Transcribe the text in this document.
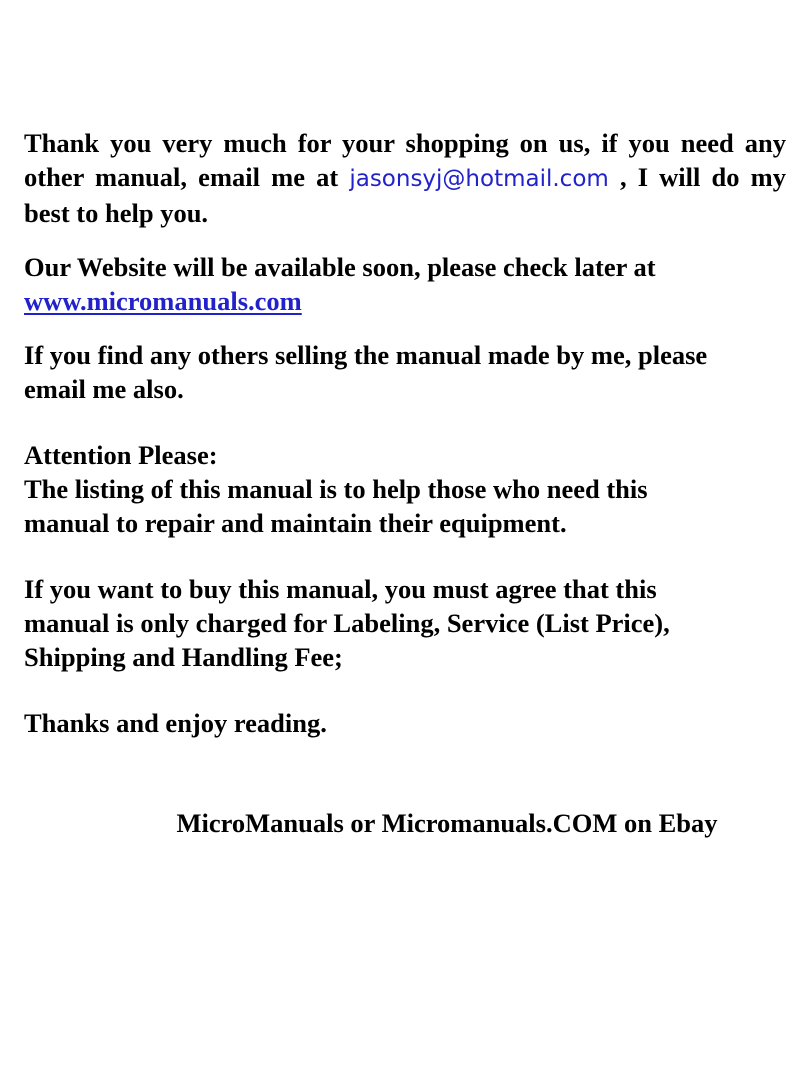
Thank you very much for your shopping on us, if you need any other manual, email me at jasonsyj@hotmail.com , I will do my best to help you.

Our Website will be available soon, please check later at
www.micromanuals.com

If you find any others selling the manual made by me, please email me also.

Attention Please:

The listing of this manual is to help those who need this manual to repair and maintain their equipment.

If you want to buy this manual, you must agree that this manual is only charged for Labeling, Service (List Price), Shipping and Handling Fee;

Thanks and enjoy reading.

MicroManuals or Micromanuals.COM on Ebay
